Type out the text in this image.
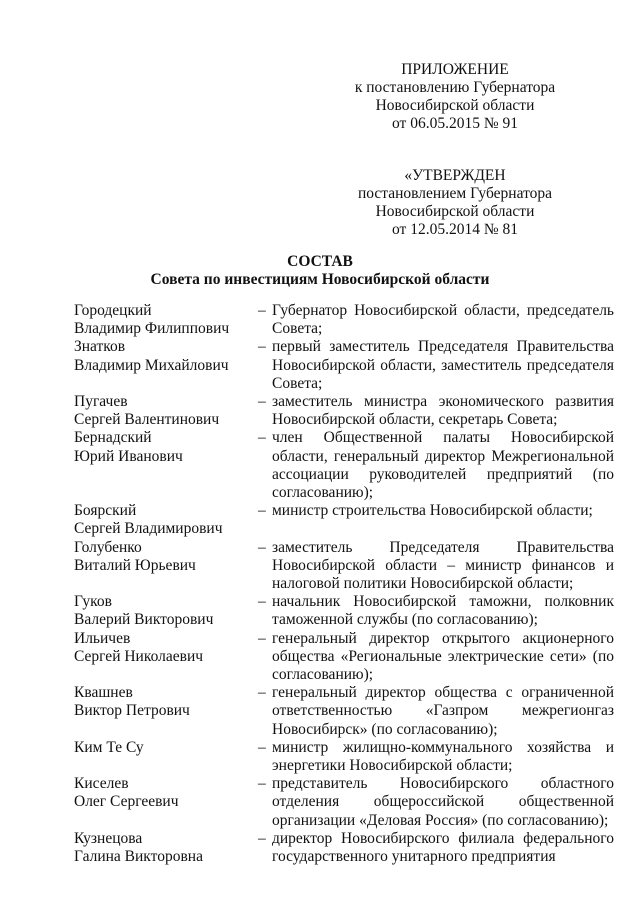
ПРИЛОЖЕНИЕ
к постановлению Губернатора
Новосибирской области
от 06.05.2015 № 91
«УТВЕРЖДЕН
постановлением Губернатора
Новосибирской области
от 12.05.2014 № 81
СОСТАВ
Совета по инвестициям Новосибирской области
Городецкий
Владимир Филиппович
– Губернатор Новосибирской области, председатель Совета;
Знатков
Владимир Михайлович
– первый заместитель Председателя Правительства Новосибирской области, заместитель председателя Совета;
Пугачев
Сергей Валентинович
– заместитель министра экономического развития Новосибирской области, секретарь Совета;
Бернадский
Юрий Иванович
– член Общественной палаты Новосибирской области, генеральный директор Межрегиональной ассоциации руководителей предприятий (по согласованию);
Боярский
Сергей Владимирович
– министр строительства Новосибирской области;
Голубенко
Виталий Юрьевич
– заместитель Председателя Правительства Новосибирской области – министр финансов и налоговой политики Новосибирской области;
Гуков
Валерий Викторович
– начальник Новосибирской таможни, полковник таможенной службы (по согласованию);
Ильичев
Сергей Николаевич
– генеральный директор открытого акционерного общества «Региональные электрические сети» (по согласованию);
Квашнев
Виктор Петрович
– генеральный директор общества с ограниченной ответственностью «Газпром межрегионгаз Новосибирск» (по согласованию);
Ким Те Су	– министр жилищно-коммунального хозяйства и энергетики Новосибирской области;
Киселев
Олег Сергеевич
– представитель Новосибирского областного отделения общероссийской общественной организации «Деловая Россия» (по согласованию);
Кузнецова
Галина Викторовна
– директор Новосибирского филиала федерального государственного унитарного предприятия
